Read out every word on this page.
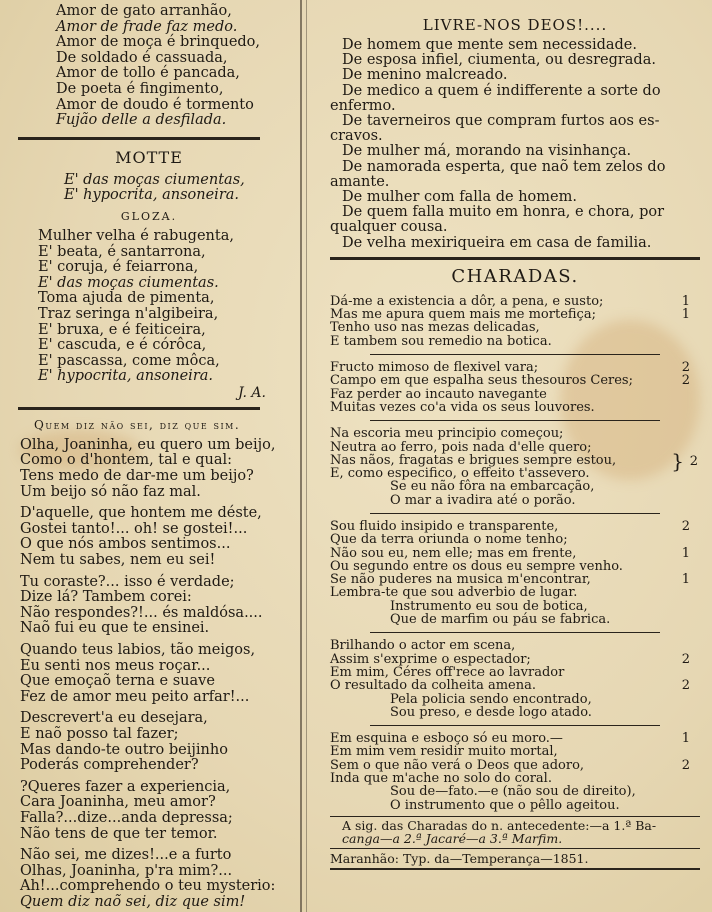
Amor de gato arranhão,
Amor de frade faz medo.
Amor de moça é brinquedo,
De soldado é cassuada,
Amor de tollo é pancada,
De poeta é fingimento,
Amor de doudo é tormento
Fujão delle a desfilada.
MOTTE
E' das moças ciumentas,
E' hypocrita, ansoneira.
GLOZA.
Mulher velha é rabugenta,
E' beata, é santarrona,
E' coruja, é feiarrona,
E' das moças ciumentas.
Toma ajuda de pimenta,
Traz seringa n'algibeira,
E' bruxa, e é feiticeira,
E' cascuda, e é córôca,
E' pascassa, come môca,
E' hypocrita, ansoneira.
J. A.
Quem diz não sei, diz que sim.
Olha, Joaninha, eu quero um beijo,
Como o d'hontem, tal e qual:
Tens medo de dar-me um beijo?
Um beijo só não faz mal.
D'aquelle, que hontem me déste,
Gostei tanto!... oh! se gostei!...
O que nós ambos sentimos...
Nem tu sabes, nem eu sei!
Tu coraste?... isso é verdade;
Dize lá? Tambem corei:
Não respondes?!... és maldósa....
Naõ fui eu que te ensinei.
Quando teus labios, tão meigos,
Eu senti nos meus roçar...
Que emoçaõ terna e suave
Fez de amor meu peito arfar!...
Descrevert'a eu desejara,
E naõ posso tal fazer;
Mas dando-te outro beijinho
Poderás comprehender?
?Queres fazer a experiencia,
Cara Joaninha, meu amor?
Falla?...dize...anda depressa;
Não tens de que ter temor.
Não sei, me dizes!...e a furto
Olhas, Joaninha, p'ra mim?...
Ah!...comprehendo o teu mysterio:
Quem diz naõ sei, diz que sim!
LIVRE-NOS DEOS!....
De homem que mente sem necessidade.
De esposa infiel, ciumenta, ou desregrada.
De menino malcreado.
De medico a quem é indifferente a sorte do
enfermo.
De taverneiros que compram furtos aos es-
cravos.
De mulher má, morando na visinhança.
De namorada esperta, que naõ tem zelos do
amante.
De mulher com falla de homem.
De quem falla muito em honra, e chora, por
qualquer cousa.
De velha mexiriqueira em casa de familia.
CHARADAS.
Dá-me a existencia a dôr, a pena, e susto;	1
Mas me apura quem mais me mortefiça;	1
Tenho uso nas mezas delicadas,
E tambem sou remedio na botica.
Fructo mimoso de flexivel vara;	2
Campo em que espalha seus thesouros Ceres;	2
Faz perder ao incauto navegante
Muitas vezes co'a vida os seus louvores.
Na escoria meu principio começou;
Neutra ao ferro, pois nada d'elle quero;
Nas nãos, fragatas e brigues sempre estou,
E, como especifico, o effeito t'assevero.
Se eu não fôra na embarcação,
O mar a ivadira até o porão.
} 2
Sou fluido insipido e transparente,	2
Que da terra oriunda o nome tenho;
Não sou eu, nem elle; mas em frente,	1
Ou segundo entre os dous eu sempre venho.
Se não puderes na musica m'encontrar,	1
Lembra-te que sou adverbio de lugar.
Instrumento eu sou de botica,
Que de marfim ou páu se fabrica.
Brilhando o actor em scena,
Assim s'exprime o espectador;	2
Em mim, Céres off'rece ao lavrador
O resultado da colheita amena.	2
Pela policia sendo encontrado,
Sou preso, e desde logo atado.
Em esquina e esboço só eu moro.—	1
Em mim vem residir muito mortal,
Sem o que não verá o Deos que adoro,	2
Inda que m'ache no solo do coral.
Sou de—fato.—e (não sou de direito),
O instrumento que o pêllo ageitou.
A sig. das Charadas do n. antecedente:—a 1.ª Ba-
canga—a 2.ª Jacaré—a 3.ª Marfim.
Maranhão: Typ. da—Temperança—1851.
